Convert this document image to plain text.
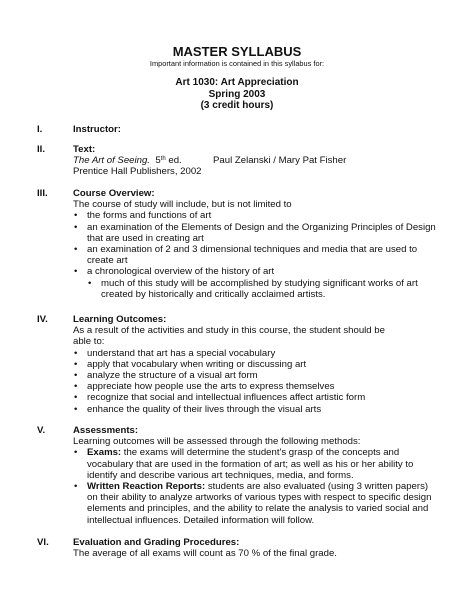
MASTER SYLLABUS
Important information is contained in this syllabus for:
Art 1030: Art Appreciation
Spring 2003
(3 credit hours)
I.	Instructor:
II.	Text:
The Art of Seeing. 5th ed.	Paul Zelanski / Mary Pat Fisher
Prentice Hall Publishers, 2002
III.	Course Overview:
The course of study will include, but is not limited to
• the forms and functions of art
• an examination of the Elements of Design and the Organizing Principles of Design
that are used in creating art
• an examination of 2 and 3 dimensional techniques and media that are used to
create art
• a chronological overview of the history of art
• much of this study will be accomplished by studying significant works of art
created by historically and critically acclaimed artists.
IV.	Learning Outcomes:
As a result of the activities and study in this course, the student should be
able to:
• understand that art has a special vocabulary
• apply that vocabulary when writing or discussing art
• analyze the structure of a visual art form
• appreciate how people use the arts to express themselves
• recognize that social and intellectual influences affect artistic form
• enhance the quality of their lives through the visual arts
V.	Assessments:
Learning outcomes will be assessed through the following methods:
• Exams: the exams will determine the student's grasp of the concepts and
vocabulary that are used in the formation of art; as well as his or her ability to
identify and describe various art techniques, media, and forms.
• Written Reaction Reports: students are also evaluated (using 3 written papers)
on their ability to analyze artworks of various types with respect to specific design
elements and principles, and the ability to relate the analysis to varied social and
intellectual influences. Detailed information will follow.
VI.	Evaluation and Grading Procedures:
The average of all exams will count as 70 % of the final grade.
